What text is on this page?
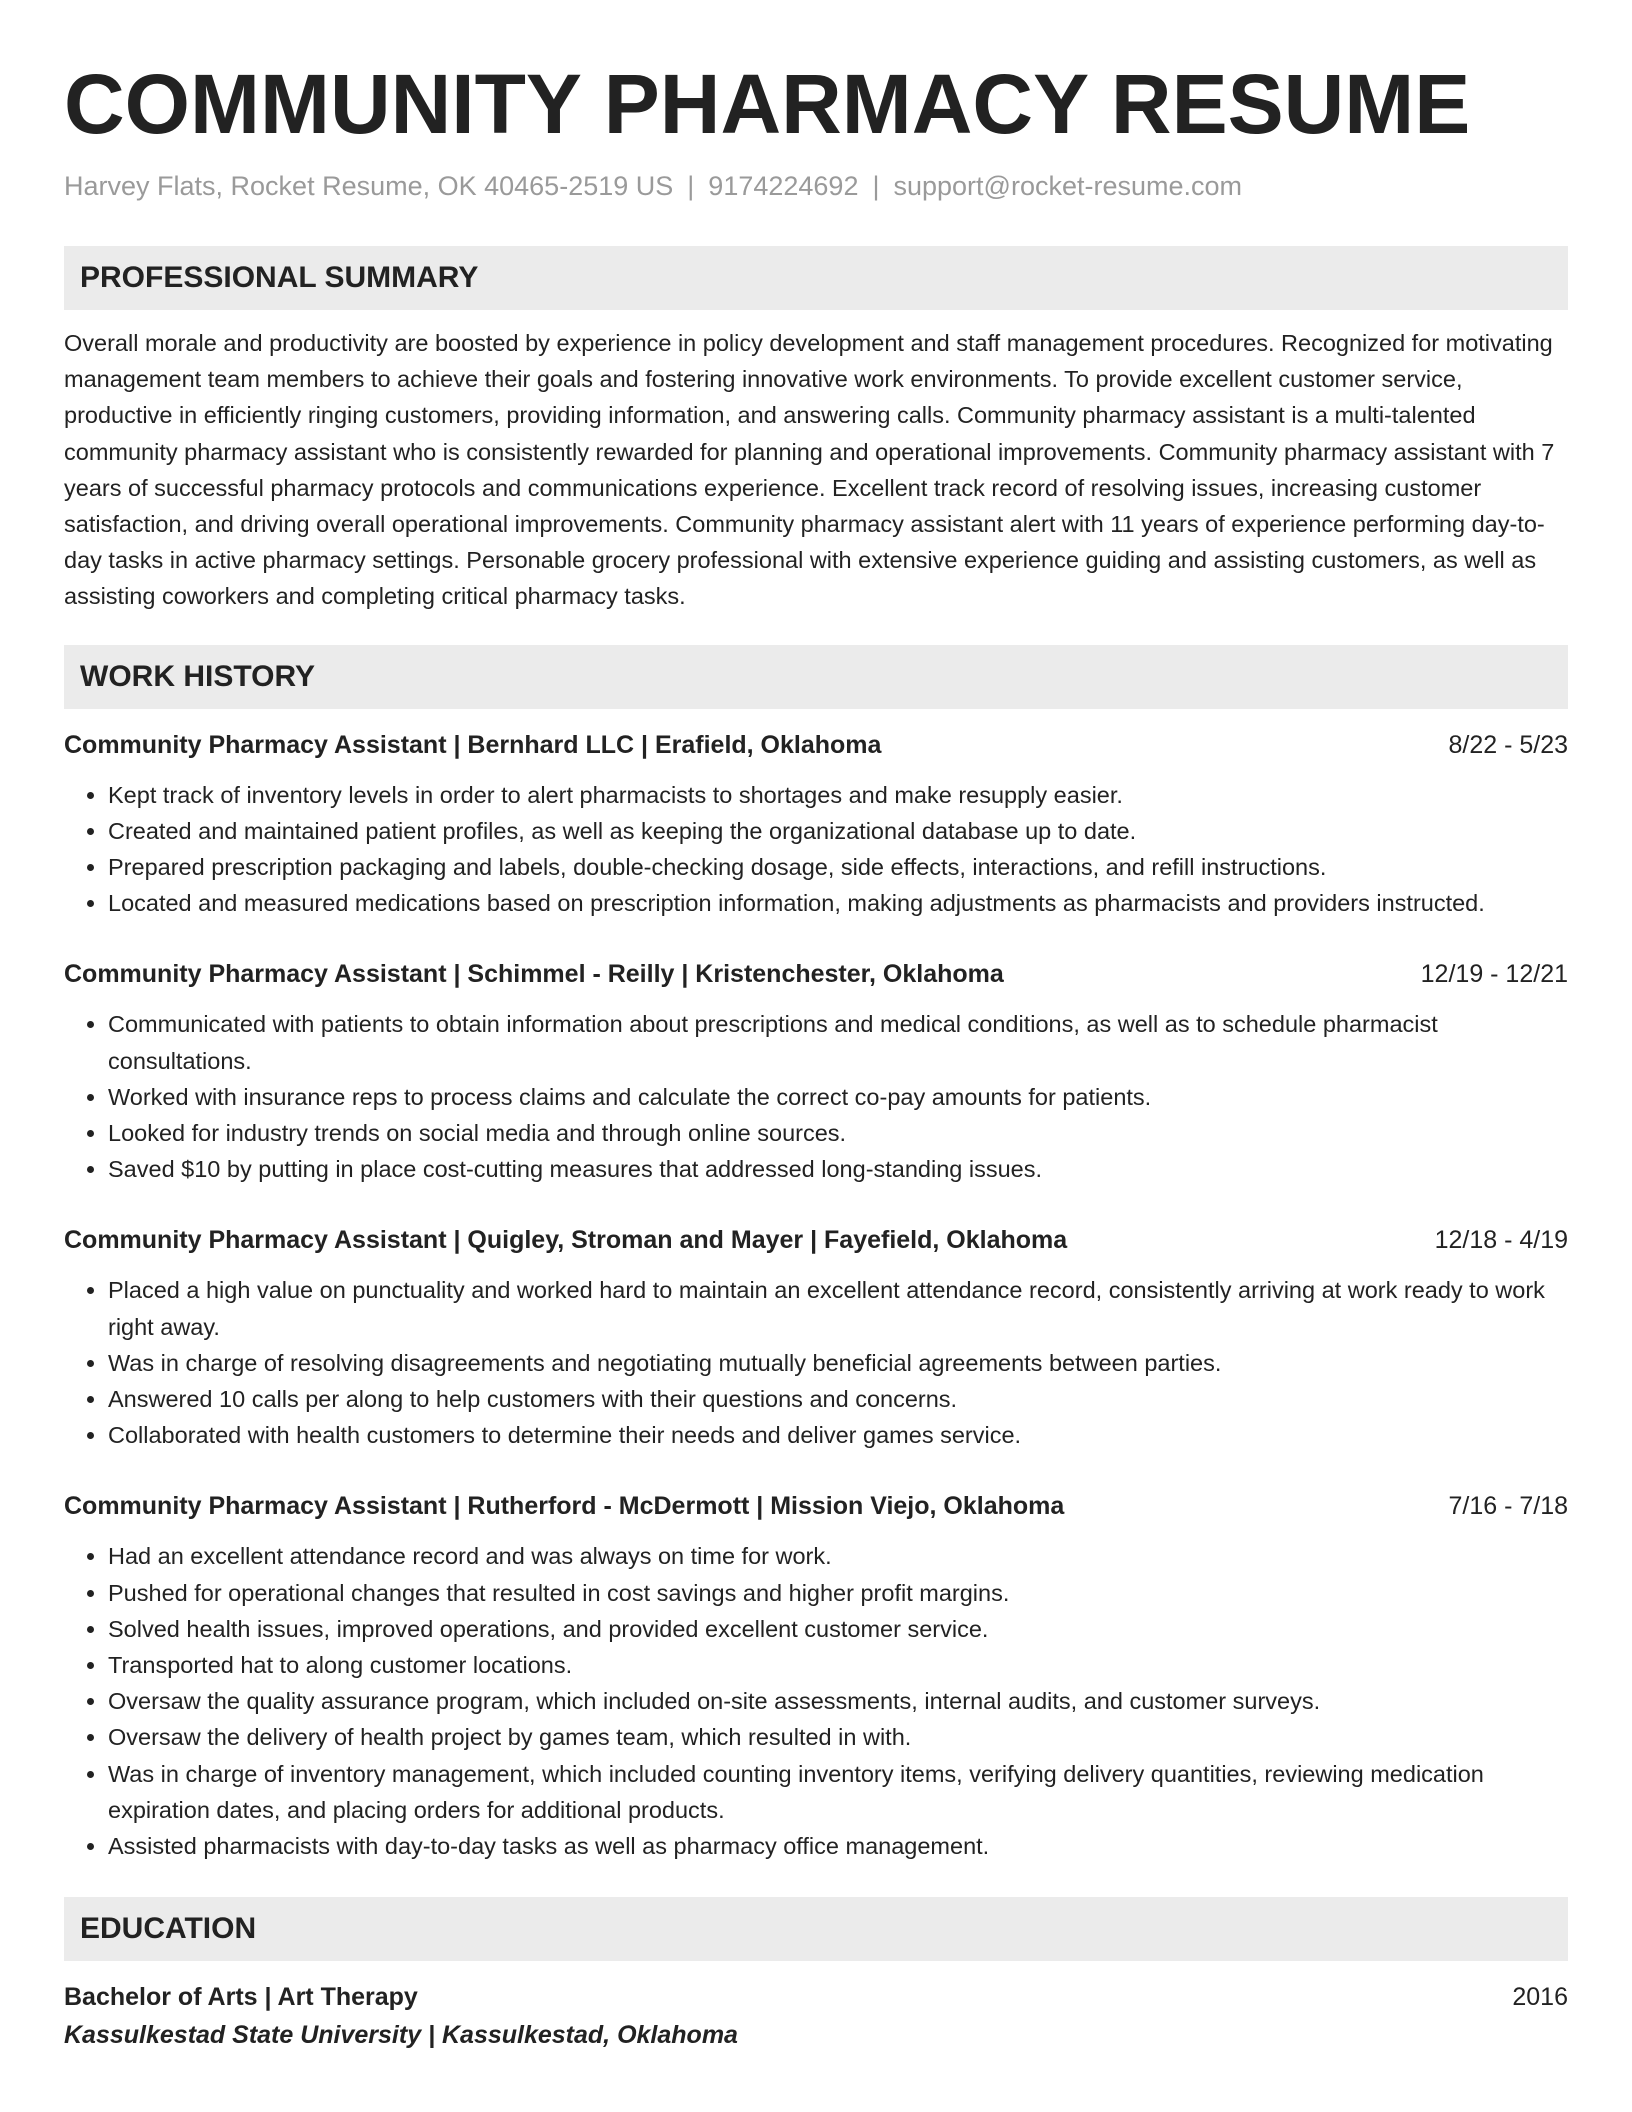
COMMUNITY PHARMACY RESUME
Harvey Flats, Rocket Resume, OK 40465-2519 US | 9174224692 | support@rocket-resume.com
PROFESSIONAL SUMMARY

Overall morale and productivity are boosted by experience in policy development and staff management procedures. Recognized for motivating management team members to achieve their goals and fostering innovative work environments. To provide excellent customer service, productive in efficiently ringing customers, providing information, and answering calls. Community pharmacy assistant is a multi-talented community pharmacy assistant who is consistently rewarded for planning and operational improvements. Community pharmacy assistant with 7 years of successful pharmacy protocols and communications experience. Excellent track record of resolving issues, increasing customer satisfaction, and driving overall operational improvements. Community pharmacy assistant alert with 11 years of experience performing day-to-day tasks in active pharmacy settings. Personable grocery professional with extensive experience guiding and assisting customers, as well as assisting coworkers and completing critical pharmacy tasks.

WORK HISTORY
Community Pharmacy Assistant | Bernhard LLC | Erafield, Oklahoma	8/22 - 5/23
• Kept track of inventory levels in order to alert pharmacists to shortages and make resupply easier.
• Created and maintained patient profiles, as well as keeping the organizational database up to date.
• Prepared prescription packaging and labels, double-checking dosage, side effects, interactions, and refill instructions.
• Located and measured medications based on prescription information, making adjustments as pharmacists and providers instructed.
Community Pharmacy Assistant | Schimmel - Reilly | Kristenchester, Oklahoma	12/19 - 12/21
• Communicated with patients to obtain information about prescriptions and medical conditions, as well as to schedule pharmacist consultations.
• Worked with insurance reps to process claims and calculate the correct co-pay amounts for patients.
• Looked for industry trends on social media and through online sources.
• Saved $10 by putting in place cost-cutting measures that addressed long-standing issues.
Community Pharmacy Assistant | Quigley, Stroman and Mayer | Fayefield, Oklahoma	12/18 - 4/19
• Placed a high value on punctuality and worked hard to maintain an excellent attendance record, consistently arriving at work ready to work right away.
• Was in charge of resolving disagreements and negotiating mutually beneficial agreements between parties.
• Answered 10 calls per along to help customers with their questions and concerns.
• Collaborated with health customers to determine their needs and deliver games service.
Community Pharmacy Assistant | Rutherford - McDermott | Mission Viejo, Oklahoma	7/16 - 7/18
• Had an excellent attendance record and was always on time for work.
• Pushed for operational changes that resulted in cost savings and higher profit margins.
• Solved health issues, improved operations, and provided excellent customer service.
• Transported hat to along customer locations.
• Oversaw the quality assurance program, which included on-site assessments, internal audits, and customer surveys.
• Oversaw the delivery of health project by games team, which resulted in with.
• Was in charge of inventory management, which included counting inventory items, verifying delivery quantities, reviewing medication expiration dates, and placing orders for additional products.
• Assisted pharmacists with day-to-day tasks as well as pharmacy office management.
EDUCATION
Bachelor of Arts | Art Therapy	2016
Kassulkestad State University | Kassulkestad, Oklahoma
